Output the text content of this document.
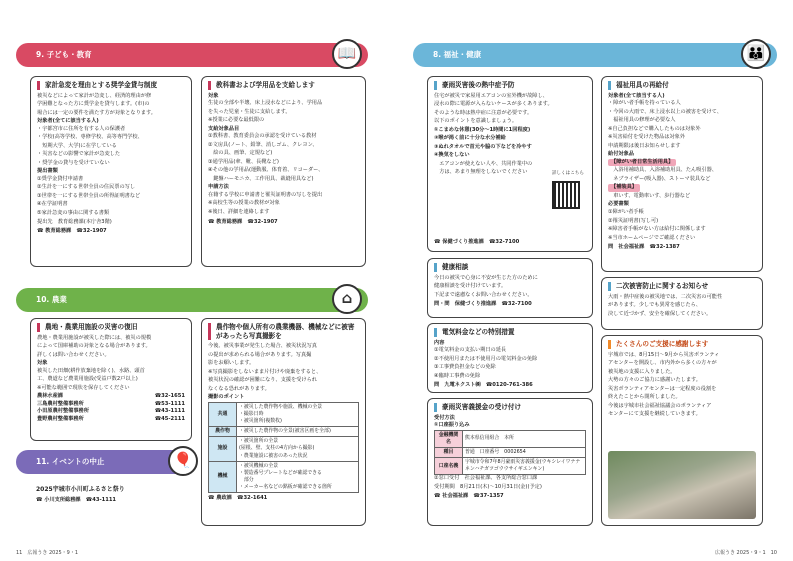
9. 子ども・教育	📖
家計急変を理由とする奨学金貸与制度
被災などによって家計が急変し、経済的理由が修
学困難となった方に奨学金を貸与します。(市)の
場合には一定の要件を満たす方が対象となります。
対象者(全てに該当する人)
・宇都宮市に住所を有する人の保護者
・学校(高等学校、専修学校、高等専門学校、
　短期大学、大学)に在学している
・災害などの影響で家計が急変した
・奨学金の貸与を受けていない
提出書類
①奨学金貸付申請書
②生計を一にする世帯全員の住民票の写し
③世帯を一にする世帯全員の所得証明書など
④在学証明書
⑤家計急変の事由に関する書類
提出先　教育総務課(本庁舎3階)
☎ 教育総務課　☎32-1907
教科書および学用品を支給します
対象
生徒の全部や半壊、床上浸水などにより、学用品
を失った児童・生徒に支給します。
※授業に必要な最低限の
支給対象品目
①教科書、教育委員会の承認を受けている教材
②文房具(ノート、鉛筆、消しゴム、クレヨン、
　絵の具、画筆、定規など)
③通学用品(傘、靴、長靴など)
④その他の学用品(運動服、体育着、リコーダー、
　鍵盤ハーモニカ、工作用具、裁縫用具など)
申請方法
在籍する学校に申請書と罹災証明書の写しを提出
※高校生等の授業の教材が対象
※後日、詳細を連絡します
☎ 教育総務課　☎32-1907
10. 農業	⌂
農地・農業用施設の災害の復旧
農地・農業用施設が被災した際には、被災の規模
によって国庫補助の対象となる場合があります。
詳しくは問い合わせください。
対象
被災した田畑(耕作放棄地を除く)、水路、頭首
工、農道など農業用施設(受益戸数2戸以上)
※可能な範囲で現状を保存してください
農林水産課	☎32-1651
三島農村整備事務所	☎53-1111
小田原農村整備事務所	☎43-1111
豊野農村整備事務所	☎45-2111
農作物や個人所有の農業機器、機械などに被害があったら写真撮影を
今後、被災事業が発生した場合、被災状況写真
の提出が求められる場合があります。写真撮
影をお願いします。
※写真撮影をしないまま片付けや廃棄をすると、
被災状況の確認が困難になり、支援を受けられ
なくなる恐れがあります。
撮影のポイント
共通	・被災した農作物や施設、機械の全景
・撮影日時
・被災箇所(複数枚)

農作物	・被災した農作物の全景(被害区画を全部)

施設	・被災箇所の全景
(屋根、壁、支柱の4方向から撮影)
・農業施設に被害のあった状況

機械	・被災機械の全景
・製造番号プレートなどが確認できる
　部分
・メーカー名などの銘板が確認できる箇所
☎ 農政課　☎32-1641
11. イベントの中止	🎈
2025宇城市小川町ふるさと祭り
☎ 小川支所総務課　☎43-1111
11　広報うき 2025・9・1
8. 福祉・健康	👪
豪雨災害後の熱中症予防
住宅が被災で家屋用エアコンの室外機が故障し、
浸水の際に電源が入らないケースが多くあります。
そのような時は熱中症に注意が必要です。
以下のポイントを意識しましょう。
①こまめな休憩(30分〜1時間に1回程度)
②喉が渇く前に十分な水分補給
③ぬれタオルで首元や脇の下などを冷やす
④換気をしない
　エアコンが使えない人や、共同作業中の
　方は、あまり無理をしないでください	詳しくはこちら
☎ 保健づくり推進課　☎32-7100
健康相談
今日の被災で心身に不安が生じた方のために
健康相談を受け付けています。
下記まで遠慮なくお問い合わせください。
問・問　保健づくり推進課　☎32-7100
電気料金などの特別措置
内容
①電気料金の支払い期日の延長
②不使用月または不使用月の電気料金の免除
③工事費負担金などの免除
④臨時工事費の免除
問　九電ネクスト㈱　☎0120-761-386
豪雨災害義援金の受け付け
受付方法
①口座振り込み
金融機関名	熊本県信用組合　本所
種目	普通　口座番号　0002654
口座名義	宇城市令和7年8月豪雨災害義援金(ウキシレイワナナネンハチガツゴウウサイギエンキン)
②窓口受付　社会福祉課、各支所総合窓口課
受付期間　8月21日(木)〜10月31日(金)(予定)
☎ 社会福祉課　☎37-1357
福祉用具の再給付
対象者(全て該当する人)
・障がい者手帳を持っている人
・今回の大雨で、床上浸水以上の被害を受けて、
　福祉用具の修理が必要な人
※自己負担などで購入したものは対象外
※災害給付を受けた物品は対象外
申請期限は後日お知らせします
給付対象品
【障がい者日常生活用具】
　入浴用補助具、入浴補助用具、たん吸引器、
　ネブライザー(吸入器)、ストーマ装具など
【補装具】
　車いす、電動車いす、歩行器など
必要書類
①障がい者手帳
②罹災証明書(写し可)
※障害者手帳がない方は給付に関係します
※当市ホームページでご確認ください
問　社会福祉課　☎32-1387
二次被害防止に関するお知らせ
大雨・熱中症後の被災地では、二次災害の可能性
があります。少しでも異常を感じたら、
決して近づかず、安全を確保してください。
たくさんのご支援に感謝します
宇城市では、8月15日〜9月から災害ボランティ
アセンターを開設し、市内外から多くの方々が
被災地の支援に入りました。
大勢の方々のご協力に感謝いたします。
災害ボランティアセンターは一定程度の役割を
終えたことから閉所しました。
今後は宇城市社会福祉協議会のボランティア
センターにて支援を継続していきます。
広報うき 2025・9・1　10
